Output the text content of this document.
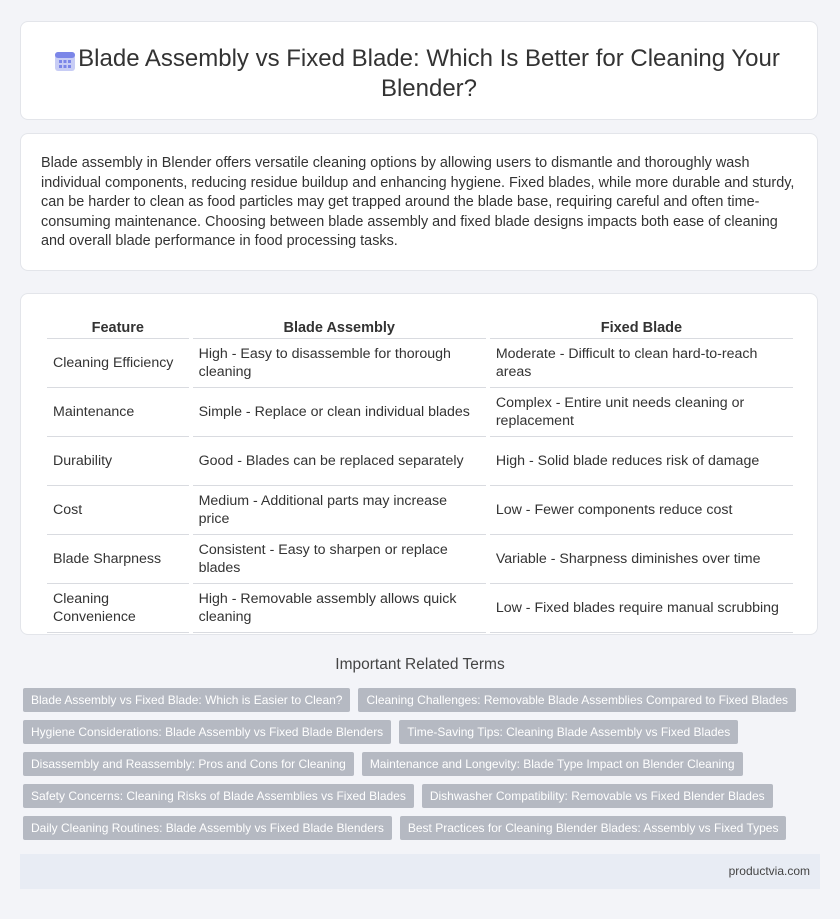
Blade Assembly vs Fixed Blade: Which Is Better for Cleaning Your Blender?

Blade assembly in Blender offers versatile cleaning options by allowing users to dismantle and thoroughly wash individual components, reducing residue buildup and enhancing hygiene. Fixed blades, while more durable and sturdy, can be harder to clean as food particles may get trapped around the blade base, requiring careful and often time-consuming maintenance. Choosing between blade assembly and fixed blade designs impacts both ease of cleaning and overall blade performance in food processing tasks.

Feature	Blade Assembly	Fixed Blade
Cleaning Efficiency	High - Easy to disassemble for thorough cleaning	Moderate - Difficult to clean hard-to-reach areas
Maintenance	Simple - Replace or clean individual blades	Complex - Entire unit needs cleaning or replacement
Durability	Good - Blades can be replaced separately	High - Solid blade reduces risk of damage
Cost	Medium - Additional parts may increase price	Low - Fewer components reduce cost
Blade Sharpness	Consistent - Easy to sharpen or replace blades	Variable - Sharpness diminishes over time
Cleaning Convenience	High - Removable assembly allows quick cleaning	Low - Fixed blades require manual scrubbing
Important Related Terms
Blade Assembly vs Fixed Blade: Which is Easier to Clean?	Cleaning Challenges: Removable Blade Assemblies Compared to Fixed Blades
Hygiene Considerations: Blade Assembly vs Fixed Blade Blenders	Time-Saving Tips: Cleaning Blade Assembly vs Fixed Blades
Disassembly and Reassembly: Pros and Cons for Cleaning	Maintenance and Longevity: Blade Type Impact on Blender Cleaning
Safety Concerns: Cleaning Risks of Blade Assemblies vs Fixed Blades	Dishwasher Compatibility: Removable vs Fixed Blender Blades
Daily Cleaning Routines: Blade Assembly vs Fixed Blade Blenders	Best Practices for Cleaning Blender Blades: Assembly vs Fixed Types
productvia.com
